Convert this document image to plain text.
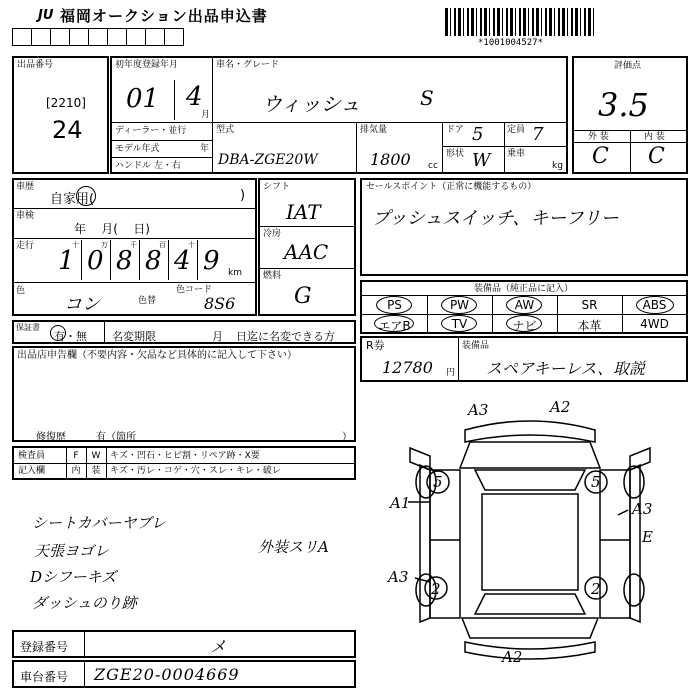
JU 福岡オークション出品申込書
*1001004527*
出品番号
[2210]
24
初年度登録年月
01 4
月
ディーラー・並行
モデル年式	年
ハンドル 左・右
車名・グレード
ウィッシュ	S
型式
DBA-ZGE20W
排気量
1800 cc
ドア 5	定員 7
形状 W 乗車
kg
評価点
3.5
外 装	内 装
C C
車歴
自家用(	)
車検
年    月(    日)
走行	十	万	千	百	十
1 0 8 8 4 9 km
色
コン	色替
色コード
8S6
シフト
IAT
冷房
AAC
燃料
G
セールスポイント（正常に機能するもの）
プッシュスイッチ、キーフリー
装備品（純正品に記入）
PS	PW	AW	SR	ABS
エアB	TV	ナビ	本革	4WD
R券
12780 円
装備品
スペアキーレス、取説
保証書
有・無 名変期限	月 日迄に名変できる方
出品店申告欄（不要内容・欠品など具体的に記入して下さい）
修復歴	有（箇所	）
検査員
記入欄
F	W	キズ・凹石・ヒビ割・リペア跡・X要
内	装	キズ・汚レ・コゲ・穴・スレ・キレ・破レ
シートカバーヤブレ
天張ヨゴレ
Dシフーキズ
ダッシュのり跡
外装スリA
A3	A2
5	5
A1	A3
E
A3
2	2
A2
登録番号	メ
車台番号 ZGE20-0004669
